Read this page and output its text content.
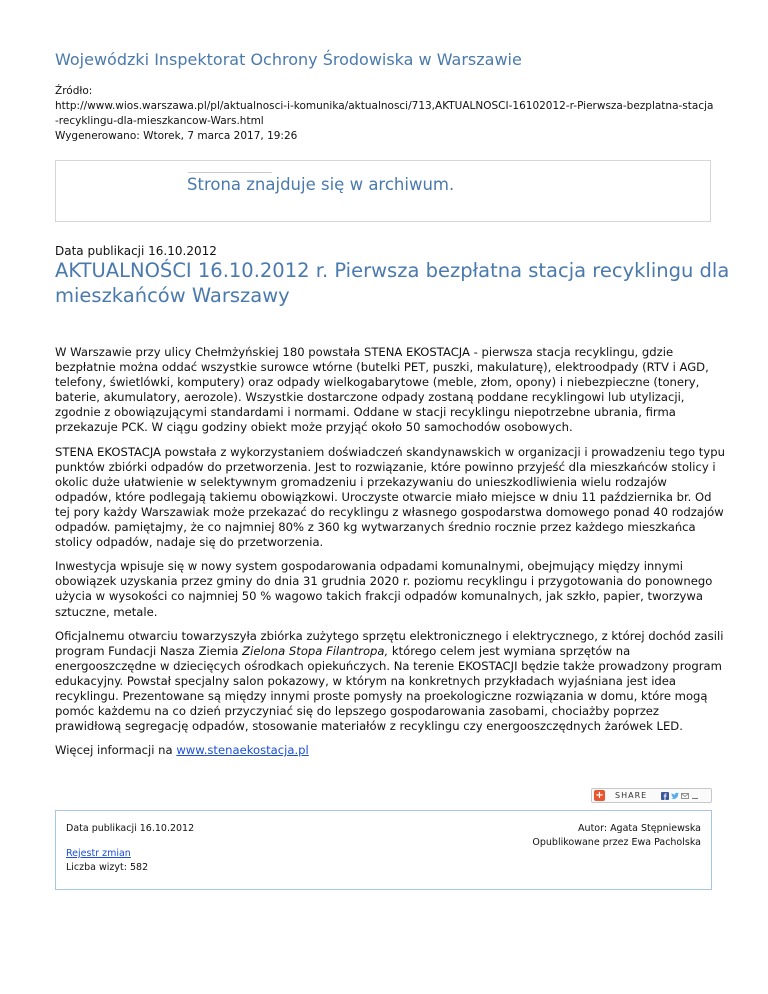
Wojewódzki Inspektorat Ochrony Środowiska w Warszawie
Źródło:
http://www.wios.warszawa.pl/pl/aktualnosci-i-komunika/aktualnosci/713,AKTUALNOSCI-16102012-r-Pierwsza-bezplatna-stacja
-recyklingu-dla-mieszkancow-Wars.html
Wygenerowano: Wtorek, 7 marca 2017, 19:26
Strona znajduje się w archiwum.
Data publikacji 16.10.2012
AKTUALNOŚCI 16.10.2012 r. Pierwsza bezpłatna stacja recyklingu dla mieszkańców Warszawy

W Warszawie przy ulicy Chełmżyńskiej 180 powstała STENA EKOSTACJA - pierwsza stacja recyklingu, gdzie bezpłatnie można oddać wszystkie surowce wtórne (butelki PET, puszki, makulaturę), elektroodpady (RTV i AGD, telefony, świetlówki, komputery) oraz odpady wielkogabarytowe (meble, złom, opony) i niebezpieczne (tonery, baterie, akumulatory, aerozole). Wszystkie dostarczone odpady zostaną poddane recyklingowi lub utylizacji, zgodnie z obowiązującymi standardami i normami. Oddane w stacji recyklingu niepotrzebne ubrania, firma przekazuje PCK. W ciągu godziny obiekt może przyjąć około 50 samochodów osobowych.

STENA EKOSTACJA powstała z wykorzystaniem doświadczeń skandynawskich w organizacji i prowadzeniu tego typu punktów zbiórki odpadów do przetworzenia. Jest to rozwiązanie, które powinno przyjeść dla mieszkańców stolicy i okolic duże ułatwienie w selektywnym gromadzeniu i przekazywaniu do unieszkodliwienia wielu rodzajów odpadów, które podlegają takiemu obowiązkowi. Uroczyste otwarcie miało miejsce w dniu 11 października br. Od tej pory każdy Warszawiak może przekazać do recyklingu z własnego gospodarstwa domowego ponad 40 rodzajów odpadów. pamiętajmy, że co najmniej 80% z 360 kg wytwarzanych średnio rocznie przez każdego mieszkańca stolicy odpadów, nadaje się do przetworzenia.

Inwestycja wpisuje się w nowy system gospodarowania odpadami komunalnymi, obejmujący między innymi obowiązek uzyskania przez gminy do dnia 31 grudnia 2020 r. poziomu recyklingu i przygotowania do ponownego użycia w wysokości co najmniej 50 % wagowo takich frakcji odpadów komunalnych, jak szkło, papier, tworzywa sztuczne, metale.

Oficjalnemu otwarciu towarzyszyła zbiórka zużytego sprzętu elektronicznego i elektrycznego, z której dochód zasili program Fundacji Nasza Ziemia Zielona Stopa Filantropa, którego celem jest wymiana sprzętów na energooszczędne w dziecięcych ośrodkach opiekuńczych. Na terenie EKOSTACJI będzie także prowadzony program edukacyjny. Powstał specjalny salon pokazowy, w którym na konkretnych przykładach wyjaśniana jest idea recyklingu. Prezentowane są między innymi proste pomysły na proekologiczne rozwiązania w domu, które mogą pomóc każdemu na co dzień przyczyniać się do lepszego gospodarowania zasobami, chociażby poprzez prawidłową segregację odpadów, stosowanie materiałów z recyklingu czy energooszczędnych żarówek LED.

Więcej informacji na www.stenaekostacja.pl

+ SHARE
Data publikacji 16.10.2012
Rejestr zmian
Liczba wizyt: 582
Autor: Agata Stępniewska
Opublikowane przez Ewa Pacholska
